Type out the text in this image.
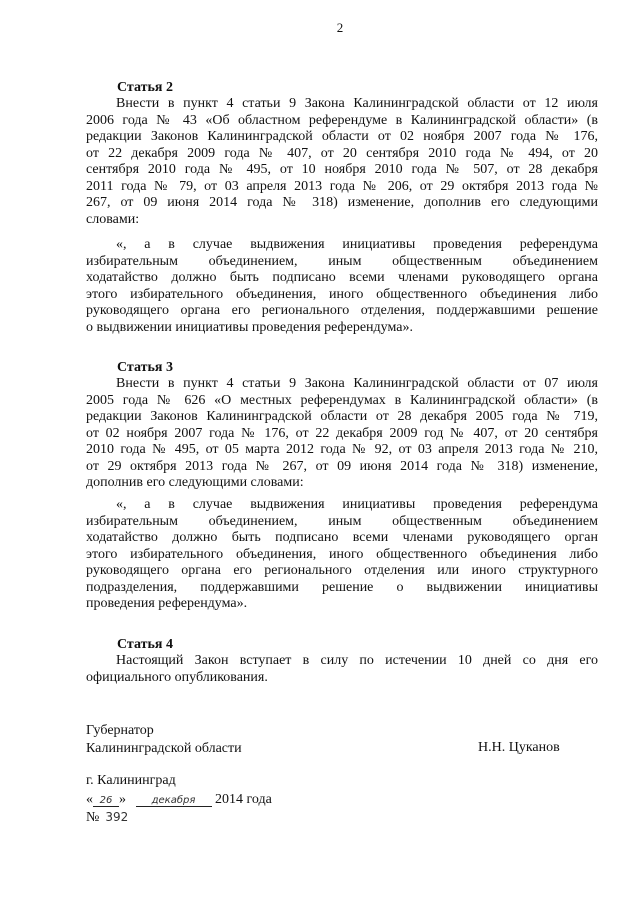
2
Статья 2
Внести в пункт 4 статьи 9 Закона Калининградской области от 12 июля
2006 года № 43 «Об областном референдуме в Калининградской области» (в
редакции Законов Калининградской области от 02 ноября 2007 года № 176,
от 22 декабря 2009 года № 407, от 20 сентября 2010 года № 494, от 20
сентября 2010 года № 495, от 10 ноября 2010 года № 507, от 28 декабря
2011 года № 79, от 03 апреля 2013 года № 206, от 29 октября 2013 года №
267, от 09 июня 2014 года № 318) изменение, дополнив его следующими
словами:
«, а в случае выдвижения инициативы проведения референдума
избирательным объединением, иным общественным объединением
ходатайство должно быть подписано всеми членами руководящего органа
этого избирательного объединения, иного общественного объединения либо
руководящего органа его регионального отделения, поддержавшими решение
о выдвижении инициативы проведения референдума».
Статья 3
Внести в пункт 4 статьи 9 Закона Калининградской области от 07 июля
2005 года № 626 «О местных референдумах в Калининградской области» (в
редакции Законов Калининградской области от 28 декабря 2005 года № 719,
от 02 ноября 2007 года № 176, от 22 декабря 2009 год № 407, от 20 сентября
2010 года № 495, от 05 марта 2012 года № 92, от 03 апреля 2013 года № 210,
от 29 октября 2013 года № 267, от 09 июня 2014 года № 318) изменение,
дополнив его следующими словами:
«, а в случае выдвижения инициативы проведения референдума
избирательным объединением, иным общественным объединением
ходатайство должно быть подписано всеми членами руководящего орган
этого избирательного объединения, иного общественного объединения либо
руководящего органа его регионального отделения или иного структурного
подразделения, поддержавшими решение о выдвижении инициативы
проведения референдума».
Статья 4
Настоящий Закон вступает в силу по истечении 10 дней со дня его
официального опубликования.
Губернатор
Калининградской области	Н.Н. Цуканов
г. Калининград
« 26 »	декабря 2014 года
№ 392
